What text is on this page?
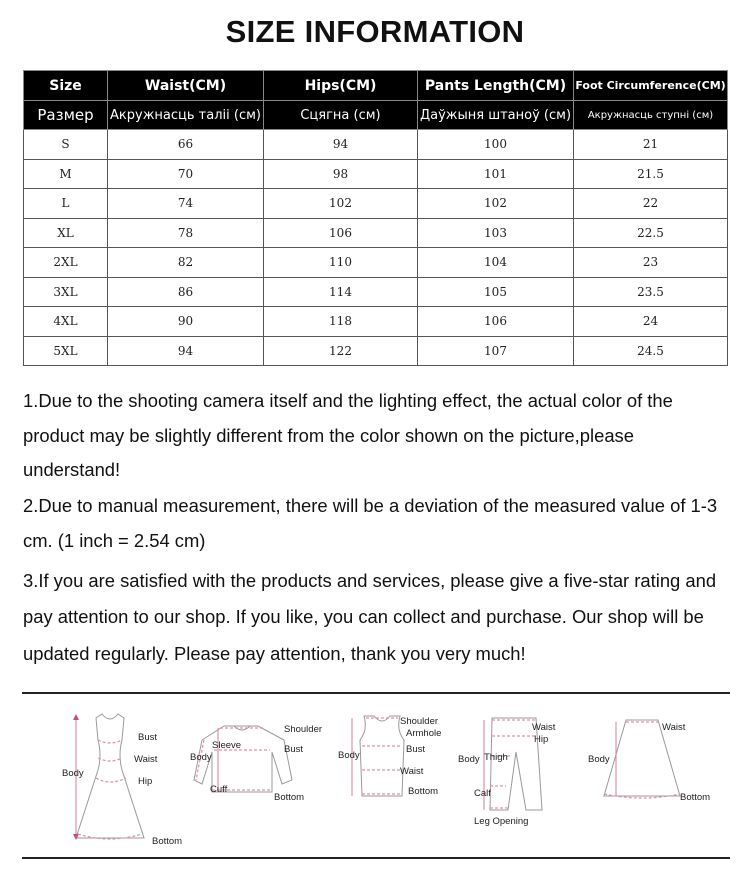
SIZE INFORMATION
Size	Waist(CM)	Hips(CM)	Pants Length(CM)	Foot Circumference(CM)
Размер	Акружнасць таліі (см)	Сцягна (см)	Даўжыня штаноў (см)	Акружнасць ступні (см)
S	66	94	100	21
M	70	98	101	21.5
L	74	102	102	22
XL	78	106	103	22.5
2XL	82	110	104	23
3XL	86	114	105	23.5
4XL	90	118	106	24
5XL	94	122	107	24.5

1.Due to the shooting camera itself and the lighting effect, the actual color of the product may be slightly different from the color shown on the picture,please understand!

2.Due to manual measurement, there will be a deviation of the measured value of 1-3 cm. (1 inch = 2.54 cm)

3.If you are satisfied with the products and services, please give a five-star rating and pay attention to our shop. If you like, you can collect and purchase. Our shop will be updated regularly. Please pay attention, thank you very much!

Bust
Waist
Hip
Body
Bottom
Shoulder
Sleeve	Bust
Body
Cuff
Bottom
Shoulder
Armhole
Bust
Body
Waist
Bottom
Waist
Hip
Body Thigh
Calf
Leg Opening
Waist
Body
Bottom
